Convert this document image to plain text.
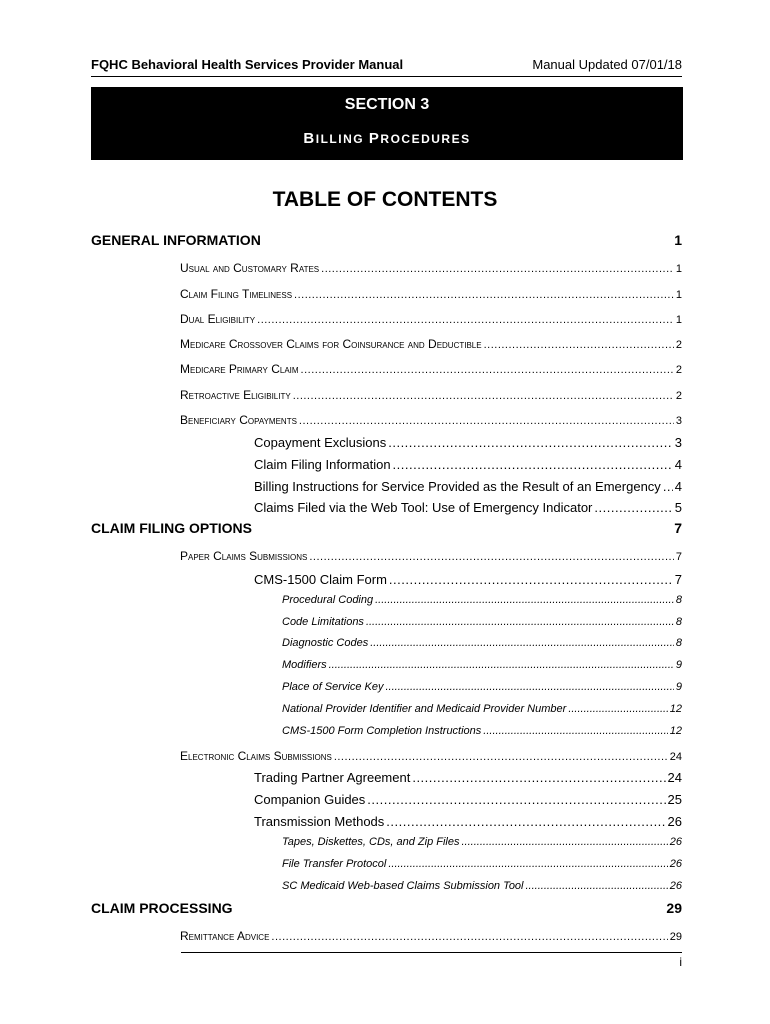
FQHC Behavioral Health Services Provider Manual	Manual Updated 07/01/18
SECTION 3
BILLING PROCEDURES
TABLE OF CONTENTS
GENERAL INFORMATION	1
Usual and Customary Rates .....	1
Claim Filing Timeliness .....	1
Dual Eligibility .....	1
Medicare Crossover Claims for Coinsurance and Deductible .....	2
Medicare Primary Claim .....	2
Retroactive Eligibility .....	2
Beneficiary Copayments .....	3
Copayment Exclusions .....	3
Claim Filing Information .....	4
Billing Instructions for Service Provided as the Result of an Emergency ..... 4
Claims Filed via the Web Tool: Use of Emergency Indicator .....	5
CLAIM FILING OPTIONS	7
Paper Claims Submissions .....	7
CMS-1500 Claim Form .....	7
Procedural Coding .....	8
Code Limitations .....	8
Diagnostic Codes .....	8
Modifiers .....	9
Place of Service Key .....	9
National Provider Identifier and Medicaid Provider Number .....	12
CMS-1500 Form Completion Instructions .....	12
Electronic Claims Submissions .....	24
Trading Partner Agreement .....	24
Companion Guides .....	25
Transmission Methods .....	26
Tapes, Diskettes, CDs, and Zip Files .....	26
File Transfer Protocol .....	26
SC Medicaid Web-based Claims Submission Tool .....	26
CLAIM PROCESSING	29
Remittance Advice .....	29
i
